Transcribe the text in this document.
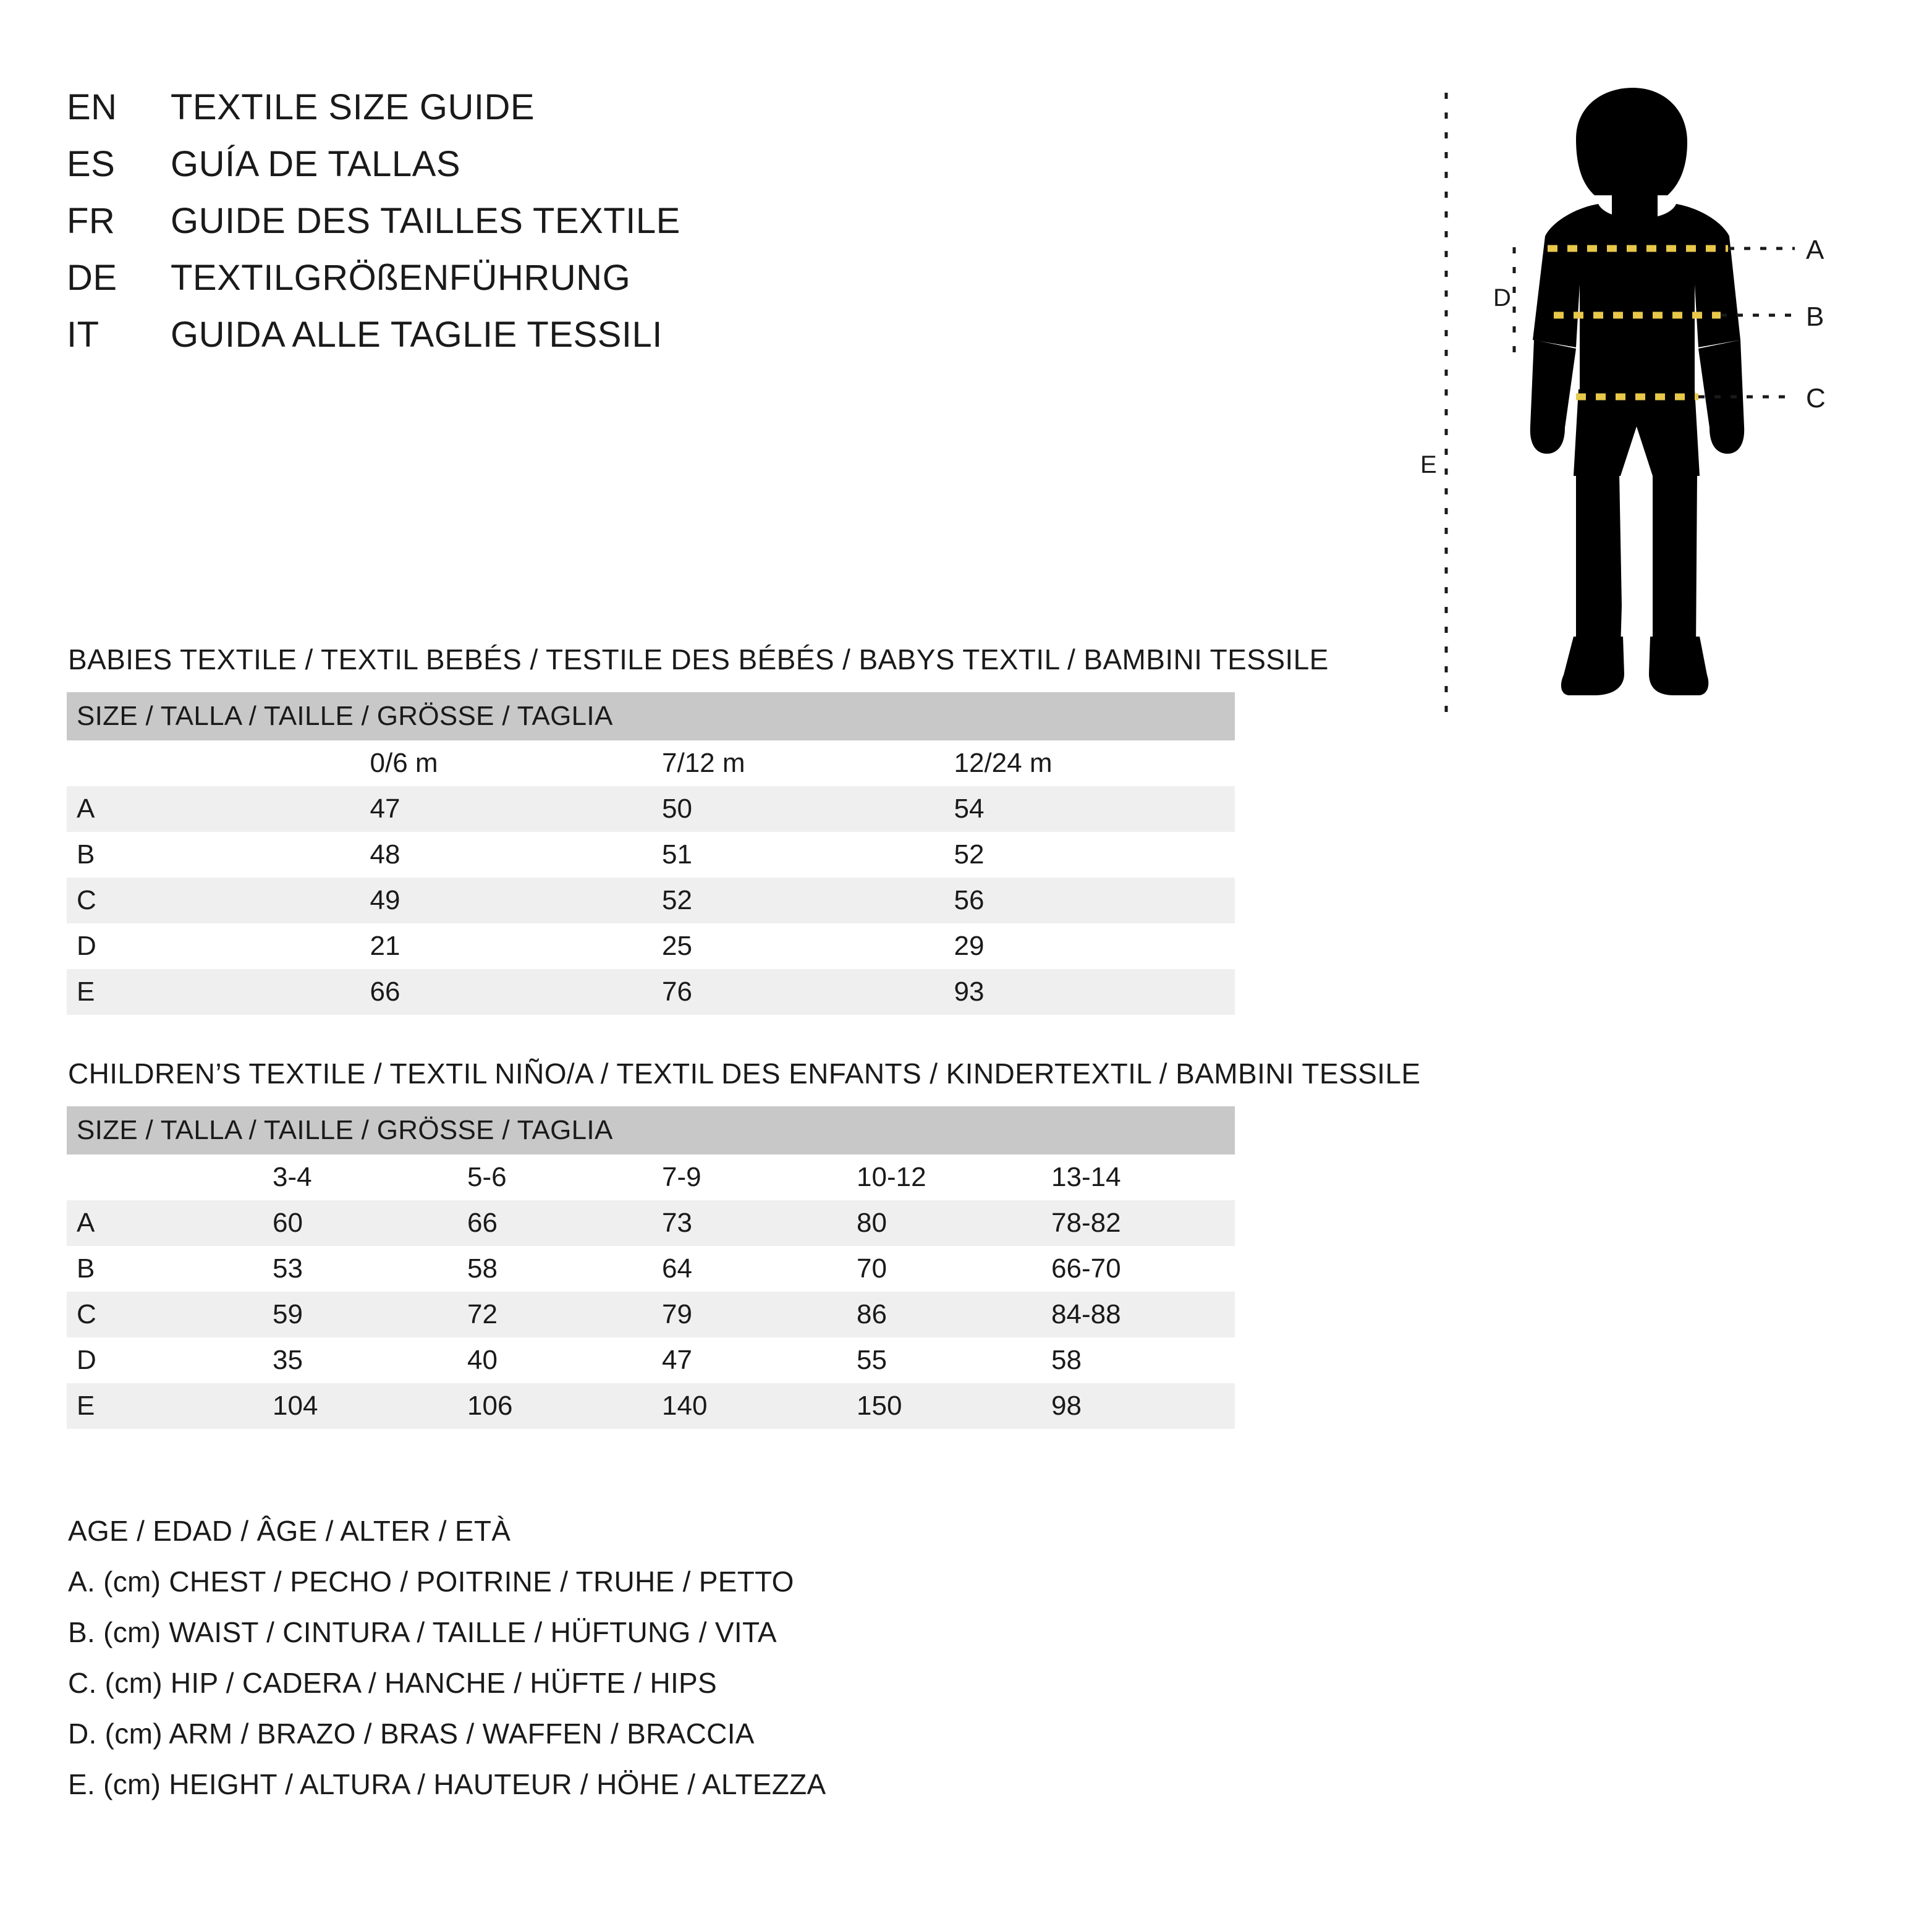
EN	TEXTILE SIZE GUIDE
ES	GUÍA DE TALLAS
FR	GUIDE DES TAILLES TEXTILE
DE	TEXTILGRÖßENFÜHRUNG
IT	GUIDA ALLE TAGLIE TESSILI
A
B
C
D
E
BABIES TEXTILE / TEXTIL BEBÉS / TESTILE DES BÉBÉS / BABYS TEXTIL / BAMBINI TESSILE
SIZE / TALLA / TAILLE / GRÖSSE / TAGLIA			
	0/6 m	7/12 m	12/24 m
A	47	50	54
B	48	51	52
C	49	52	56
D	21	25	29
E	66	76	93
CHILDREN’S TEXTILE / TEXTIL NIÑO/A / TEXTIL DES ENFANTS / KINDERTEXTIL / BAMBINI TESSILE
SIZE / TALLA / TAILLE / GRÖSSE / TAGLIA					
	3-4	5-6	7-9	10-12	13-14
A	60	66	73	80	78-82
B	53	58	64	70	66-70
C	59	72	79	86	84-88
D	35	40	47	55	58
E	104	106	140	150	98
AGE / EDAD / ÂGE / ALTER / ETÀ
A. (cm) CHEST / PECHO / POITRINE / TRUHE / PETTO
B. (cm) WAIST / CINTURA / TAILLE / HÜFTUNG / VITA
C. (cm) HIP / CADERA / HANCHE / HÜFTE / HIPS
D. (cm) ARM / BRAZO / BRAS / WAFFEN / BRACCIA
E. (cm) HEIGHT / ALTURA / HAUTEUR / HÖHE / ALTEZZA
